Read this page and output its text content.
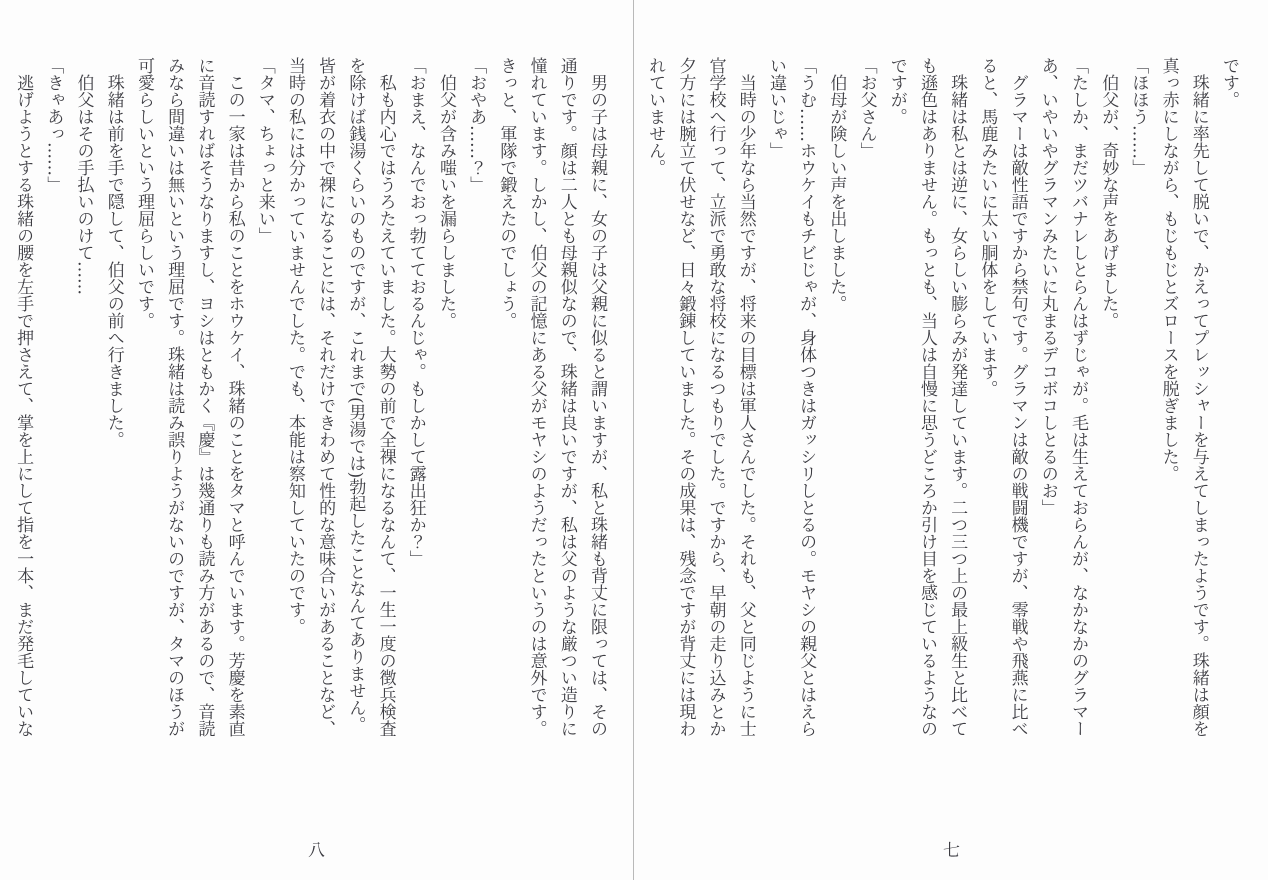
　男の子は母親に、女の子は父親に似ると謂いますが、私と珠緒も背丈に限っては、その

通りです。顔は二人とも母親似なので、珠緒は良いですが、私は父のような厳つい造りに

憧れています。しかし、伯父の記憶にある父がモヤシのようだったというのは意外です。

きっと、軍隊で鍛えたのでしょう。

「おやあ……？」

　伯父が含み嗤いを漏らしました。

「おまえ、なんでおっ勃てておるんじゃ。もしかして露出狂か？」

　私も内心ではうろたえていました。大勢の前で全裸になるなんて、一生一度の徴兵検査

を除けば銭湯くらいのものですが、これまで(男湯では)勃起したことなんてありません。

皆が着衣の中で裸になることには、それだけできわめて性的な意味合いがあることなど、

当時の私には分かっていませんでした。でも、本能は察知していたのです。

「タマ、ちょっと来い」

　この一家は昔から私のことをホウケイ、珠緒のことをタマと呼んでいます。芳慶を素直

に音読すればそうなりますし、ヨシはともかく『慶』は幾通りも読み方があるので、音読

みなら間違いは無いという理屈です。珠緒は読み誤りようがないのですが、タマのほうが

可愛らしいという理屈らしいです。

　珠緒は前を手で隠して、伯父の前へ行きました。

　伯父はその手払いのけて……

「きゃあっ……」

　逃げようとする珠緒の腰を左手で押さえて、掌を上にして指を一本、まだ発毛していな

八

です。

　珠緒に率先して脱いで、かえってプレッシャーを与えてしまったようです。珠緒は顔を

真っ赤にしながら、もじもじとズロースを脱ぎました。

「ほほう……」

　伯父が、奇妙な声をあげました。

「たしか、まだツバナレしとらんはずじゃが。毛は生えておらんが、なかなかのグラマー

あ、いやいやグラマンみたいに丸まるデコボコしとるのお」

　グラマーは敵性語ですから禁句です。グラマンは敵の戦闘機ですが、零戦や飛燕に比べ

ると、馬鹿みたいに太い胴体をしています。

　珠緒は私とは逆に、女らしい膨らみが発達しています。二つ三つ上の最上級生と比べて

も遜色はありません。もっとも、当人は自慢に思うどころか引け目を感じているようなの

ですが。

「お父さん」

　伯母が険しい声を出しました。

「うむ……ホウケイもチビじゃが、身体つきはガッシリしとるの。モヤシの親父とはえら

い違いじゃ」

　当時の少年なら当然ですが、将来の目標は軍人さんでした。それも、父と同じように士

官学校へ行って、立派で勇敢な将校になるつもりでした。ですから、早朝の走り込みとか

夕方には腕立て伏せなど、日々鍛錬していました。その成果は、残念ですが背丈には現わ

れていません。

七
